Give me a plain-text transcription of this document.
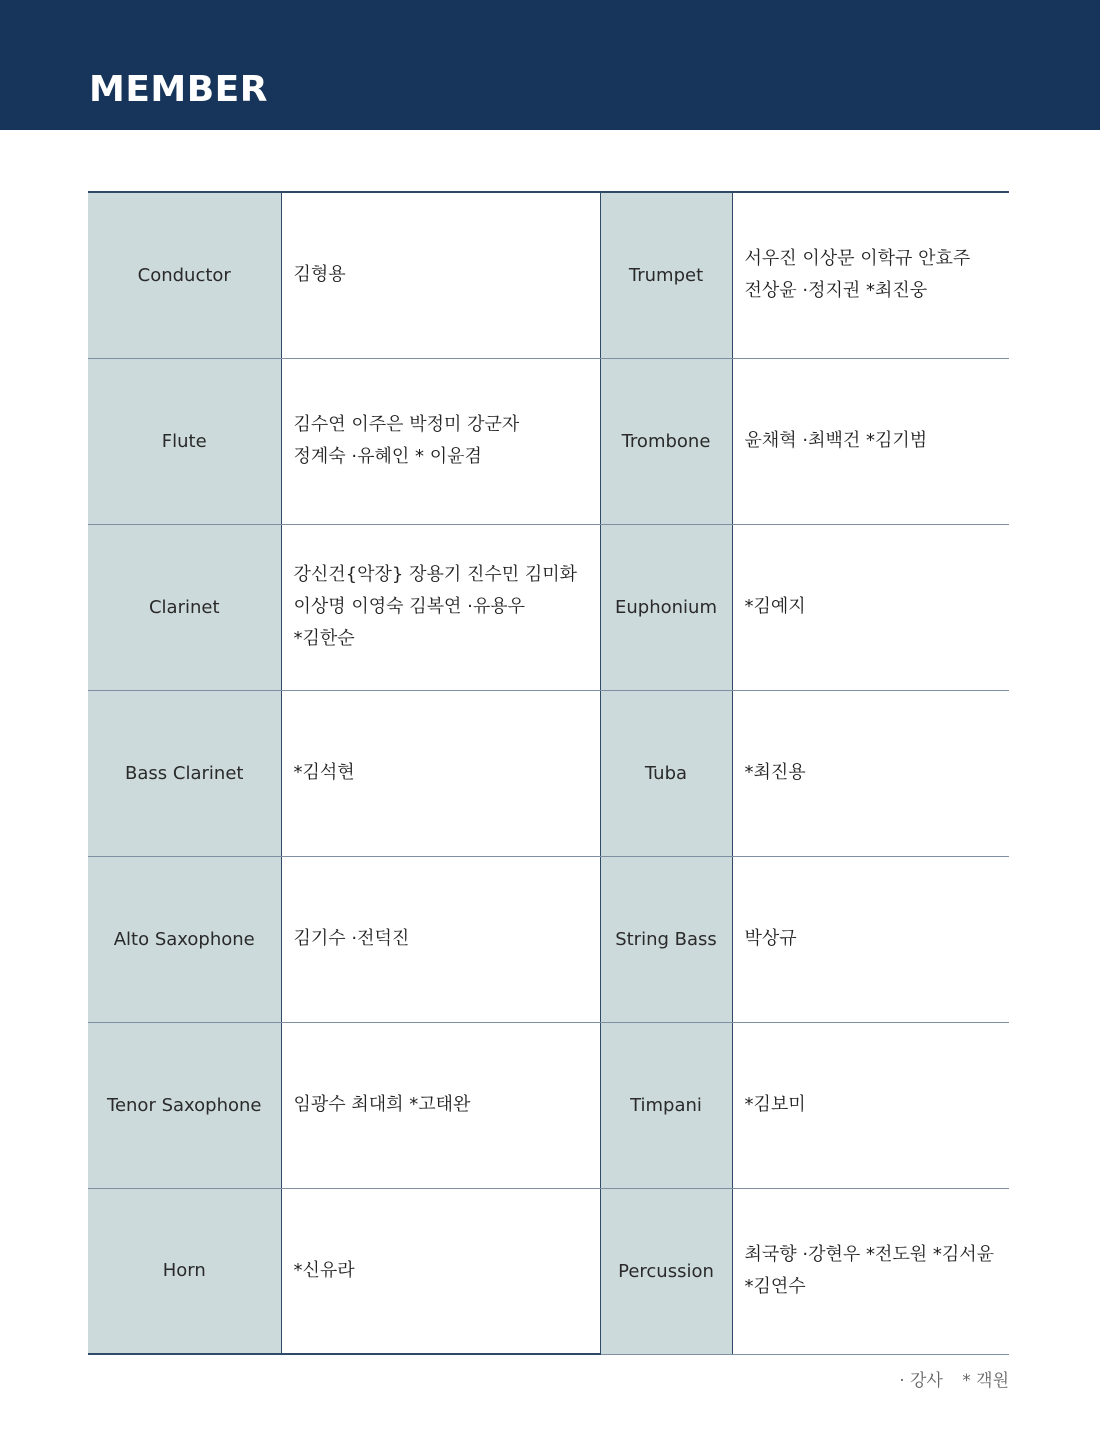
MEMBER
Conductor	김형용	Trumpet	서우진 이상문 이학규 안효주
전상윤 ·정지권 *최진웅
Flute	김수연 이주은 박정미 강군자
정계숙 ·유혜인 * 이윤겸	Trombone	윤채혁 ·최백건 *김기범
Clarinet	강신건{악장} 장용기 진수민 김미화
이상명 이영숙 김복연 ·유용우
*김한순	Euphonium	*김예지
Bass Clarinet	*김석현	Tuba	*최진용
Alto Saxophone	김기수 ·전덕진	String Bass	박상규
Tenor Saxophone	임광수 최대희 *고태완	Timpani	*김보미
Horn	*신유라	Percussion	최국향 ·강현우 *전도원 *김서윤
*김연수
· 강사 * 객원
